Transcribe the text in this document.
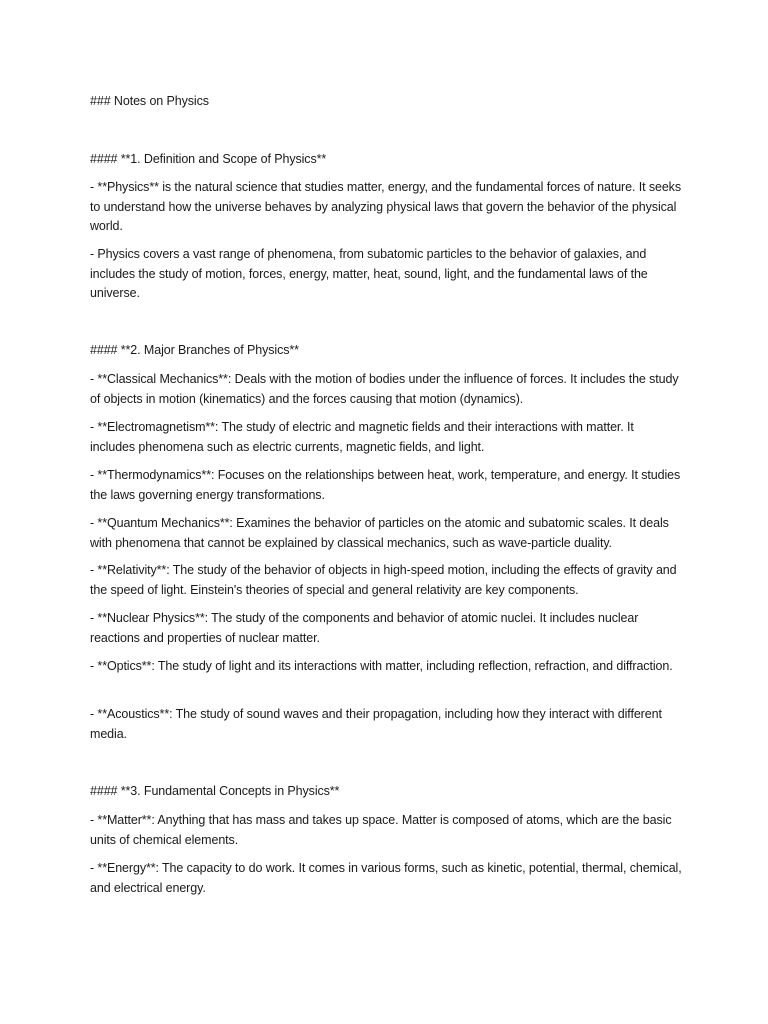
### Notes on Physics
#### **1. Definition and Scope of Physics**
- **Physics** is the natural science that studies matter, energy, and the fundamental forces of nature. It seeks to understand how the universe behaves by analyzing physical laws that govern the behavior of the physical world.
- Physics covers a vast range of phenomena, from subatomic particles to the behavior of galaxies, and includes the study of motion, forces, energy, matter, heat, sound, light, and the fundamental laws of the universe.
#### **2. Major Branches of Physics**
- **Classical Mechanics**: Deals with the motion of bodies under the influence of forces. It includes the study of objects in motion (kinematics) and the forces causing that motion (dynamics).
- **Electromagnetism**: The study of electric and magnetic fields and their interactions with matter. It includes phenomena such as electric currents, magnetic fields, and light.
- **Thermodynamics**: Focuses on the relationships between heat, work, temperature, and energy. It studies the laws governing energy transformations.
- **Quantum Mechanics**: Examines the behavior of particles on the atomic and subatomic scales. It deals with phenomena that cannot be explained by classical mechanics, such as wave-particle duality.
- **Relativity**: The study of the behavior of objects in high-speed motion, including the effects of gravity and the speed of light. Einstein's theories of special and general relativity are key components.
- **Nuclear Physics**: The study of the components and behavior of atomic nuclei. It includes nuclear reactions and properties of nuclear matter.
- **Optics**: The study of light and its interactions with matter, including reflection, refraction, and diffraction.
- **Acoustics**: The study of sound waves and their propagation, including how they interact with different media.
#### **3. Fundamental Concepts in Physics**
- **Matter**: Anything that has mass and takes up space. Matter is composed of atoms, which are the basic units of chemical elements.
- **Energy**: The capacity to do work. It comes in various forms, such as kinetic, potential, thermal, chemical, and electrical energy.
